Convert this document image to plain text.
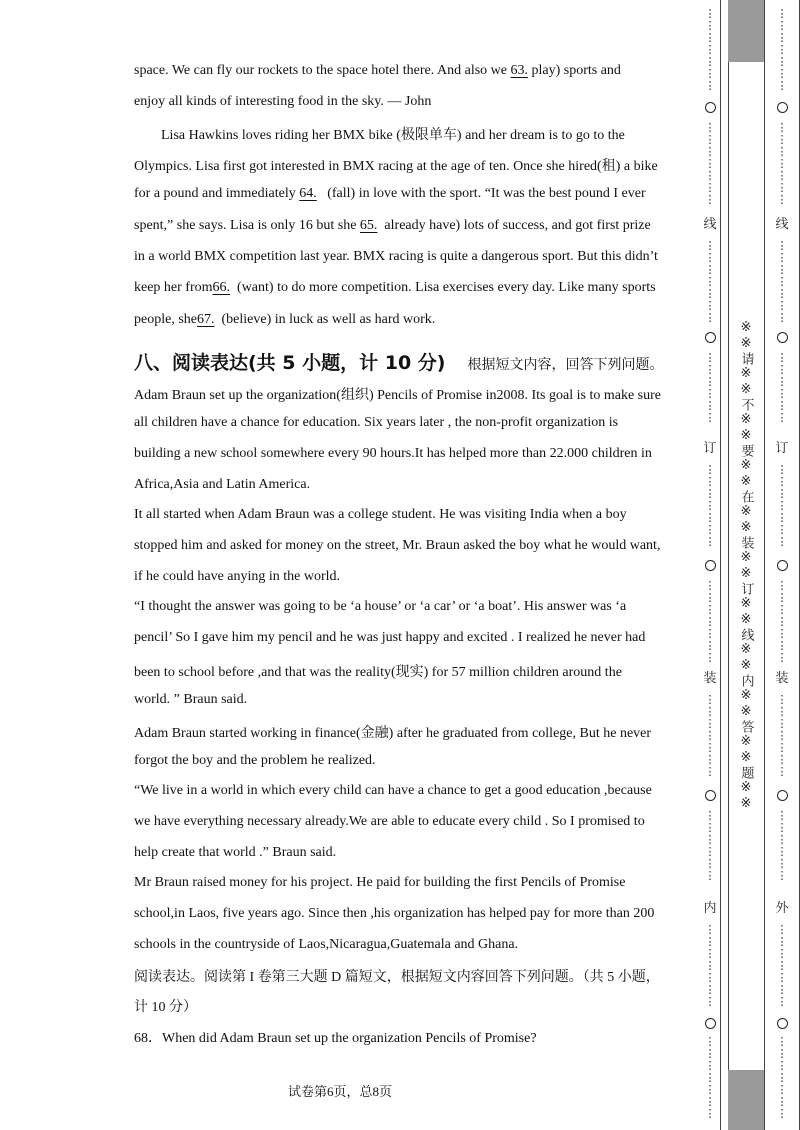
space. We can fly our rockets to the space hotel there. And also we 63. play) sports and
enjoy all kinds of interesting food in the sky. — John
Lisa Hawkins loves riding her BMX bike (极限单车) and her dream is to go to the
Olympics. Lisa first got interested in BMX racing at the age of ten. Once she hired(租) a bike
for a pound and immediately 64. (fall) in love with the sport. “It was the best pound I ever
spent,” she says. Lisa is only 16 but she 65. already have) lots of success, and got first prize
in a world BMX competition last year. BMX racing is quite a dangerous sport. But this didn’t
keep her from66. (want) to do more competition. Lisa exercises every day. Like many sports
people, she67. (believe) in luck as well as hard work.
八、阅读表达(共 5 小题，计 10 分) 根据短文内容，回答下列问题。
Adam Braun set up the organization(组织) Pencils of Promise in2008. Its goal is to make sure
all children have a chance for education. Six years later , the non-profit organization is
building a new school somewhere every 90 hours.It has helped more than 22.000 children in
Africa,Asia and Latin America.
It all started when Adam Braun was a college student. He was visiting India when a boy
stopped him and asked for money on the street, Mr. Braun asked the boy what he would want,
if he could have anying in the world.
“I thought the answer was going to be ‘a house’ or ‘a car’ or ‘a boat’. His answer was ‘a
pencil’ So I gave him my pencil and he was just happy and excited . I realized he never had
been to school before ,and that was the reality(现实) for 57 million children around the
world. ” Braun said.
Adam Braun started working in finance(金融) after he graduated from college, But he never
forgot the boy and the problem he realized.
“We live in a world in which every child can have a chance to get a good education ,because
we have everything necessary already.We are able to educate every child . So I promised to
help create that world .” Braun said.
Mr Braun raised money for his project. He paid for building the first Pencils of Promise
school,in Laos, five years ago. Since then ,his organization has helped pay for more than 200
schools in the countryside of Laos,Nicaragua,Guatemala and Ghana.
阅读表达。阅读第 I 卷第三大题 D 篇短文，根据短文内容回答下列问题。（共 5 小题，
计 10 分）
68．When did Adam Braun set up the organization Pencils of Promise?
试卷第6页，总8页
※※请※※不※※要※※在※※装※※订※※线※※内※※答※※题※※
⋮
⋮
⋮
⋮
⋮
⋮
⋮
⋮
⋮
⋮
⋮
⋮
⋮
⋮
线
⋮
⋮
⋮
⋮
⋮
⋮
⋮
⋮
⋮
⋮
⋮
⋮
⋮
订
⋮
⋮
⋮
⋮
⋮
⋮
⋮
⋮
⋮
⋮
⋮
⋮
⋮
⋮
装
⋮
⋮
⋮
⋮
⋮
⋮
⋮
⋮
⋮
⋮
⋮
⋮
⋮
内
⋮
⋮
⋮
⋮
⋮
⋮
⋮
⋮
⋮
⋮
⋮
⋮
⋮
⋮
⋮
⋮
⋮
⋮
⋮
⋮
⋮
⋮
⋮
⋮
⋮
⋮
⋮
⋮
线
⋮
⋮
⋮
⋮
⋮
⋮
⋮
⋮
⋮
⋮
⋮
⋮
⋮
订
⋮
⋮
⋮
⋮
⋮
⋮
⋮
⋮
⋮
⋮
⋮
⋮
⋮
⋮
装
⋮
⋮
⋮
⋮
⋮
⋮
⋮
⋮
⋮
⋮
⋮
⋮
⋮
外
⋮
⋮
⋮
⋮
⋮
⋮
⋮
⋮
⋮
⋮
⋮
⋮
⋮
⋮
